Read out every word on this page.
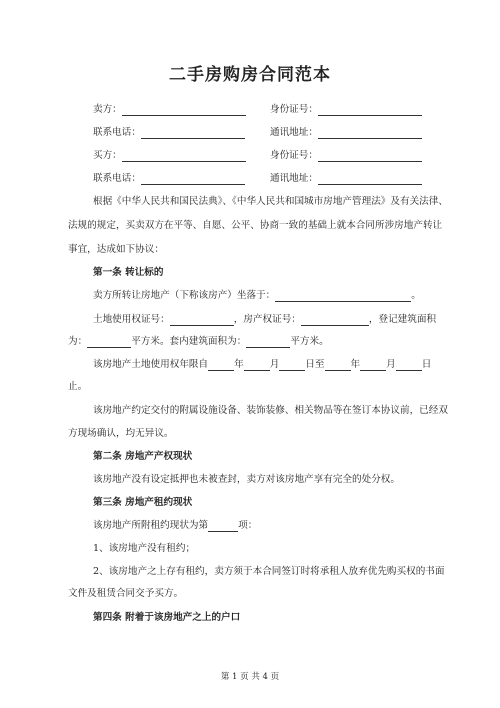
二手房购房合同范本
卖方：	身份证号：
联系电话：	通讯地址：
买方：	身份证号：
联系电话：	通讯地址：
根据《中华人民共和国民法典》、《中华人民共和国城市房地产管理法》及有关法律、
法规的规定，买卖双方在平等、自愿、公平、协商一致的基础上就本合同所涉房地产转让
事宜，达成如下协议：
第一条 转让标的
卖方所转让房地产（下称该房产）坐落于：	。
土地使用权证号：	，房产权证号：	，登记建筑面积
为：	平方米。套内建筑面积为：	平方米。
该房地产土地使用权年限自	年	月	日至	年	月	日
止。
该房地产约定交付的附属设施设备、装饰装修、相关物品等在签订本协议前，已经双
方现场确认，均无异议。
第二条 房地产产权现状
该房地产没有设定抵押也未被查封，卖方对该房地产享有完全的处分权。
第三条 房地产租约现状
该房地产所附租约现状为第	项：
1、该房地产没有租约；
2、该房地产之上存有租约，卖方须于本合同签订时将承租人放弃优先购买权的书面
文件及租赁合同交予买方。
第四条 附着于该房地产之上的户口
第 1 页 共 4 页
